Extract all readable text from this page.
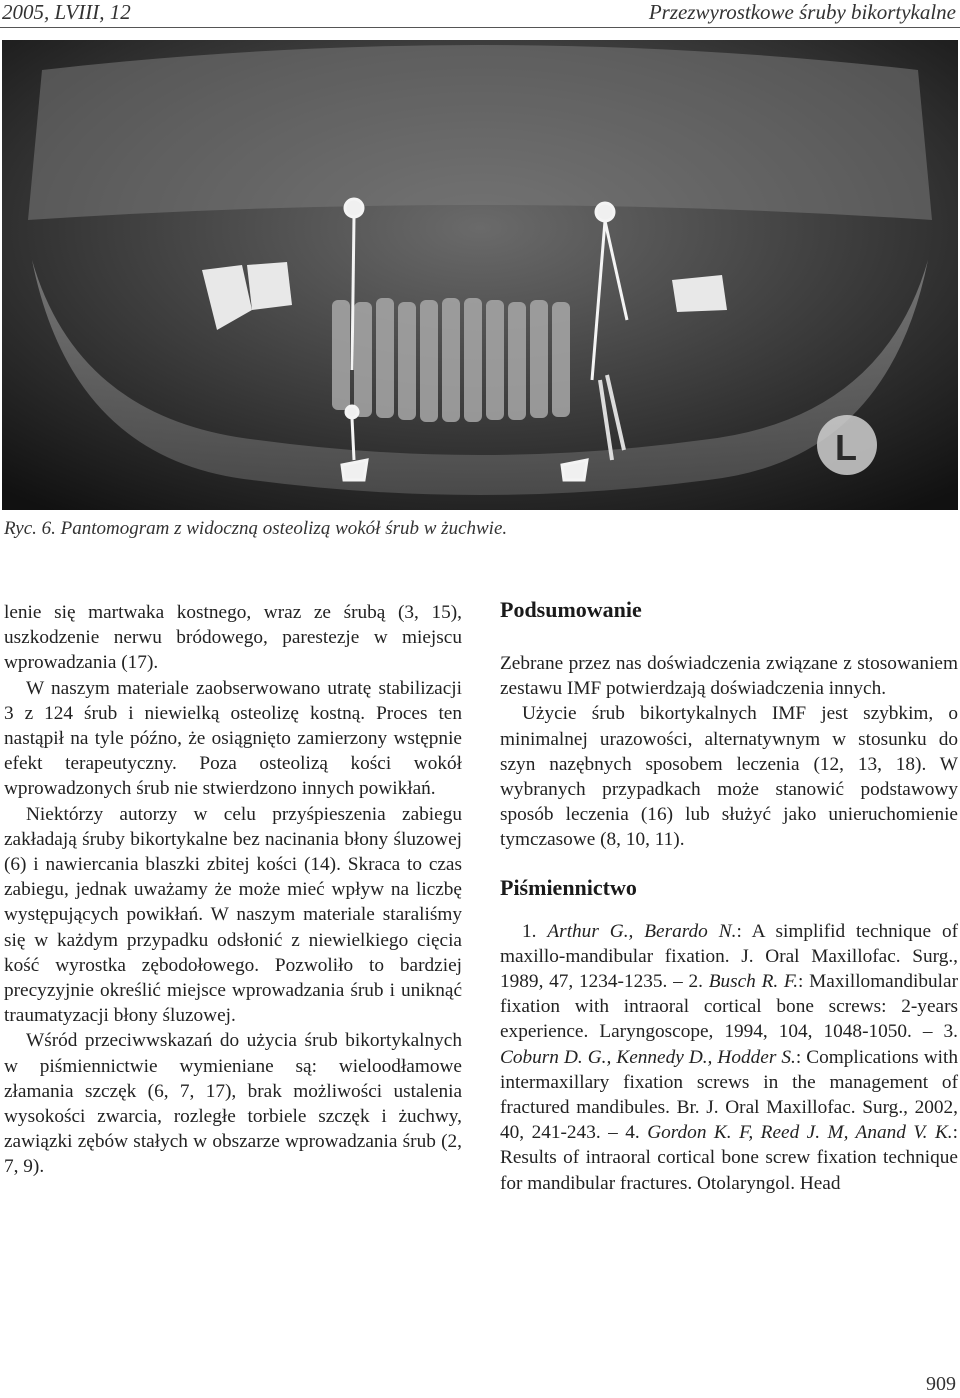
2005, LVIII, 12	Przezwyrostkowe śruby bikortykalne
L
Ryc. 6. Pantomogram z widoczną osteolizą wokół śrub w żuchwie.

lenie się martwaka kostnego, wraz ze śrubą (3, 15), uszkodzenie nerwu bródowego, parestezje w miejscu wprowadzania (17).

W naszym materiale zaobserwowano utratę stabilizacji 3 z 124 śrub i niewielką osteolizę kostną. Proces ten nastąpił na tyle późno, że osiągnięto zamierzony wstępnie efekt terapeutyczny. Poza osteolizą kości wokół wprowadzonych śrub nie stwierdzono innych powikłań.

Niektórzy autorzy w celu przyśpieszenia zabiegu zakładają śruby bikortykalne bez nacinania błony śluzowej (6) i nawiercania blaszki zbitej kości (14). Skraca to czas zabiegu, jednak uważamy że może mieć wpływ na liczbę występujących powikłań. W naszym materiale staraliśmy się w każdym przypadku odsłonić z niewielkiego cięcia kość wyrostka zębodołowego. Pozwoliło to bardziej precyzyjnie określić miejsce wprowadzania śrub i uniknąć traumatyzacji błony śluzowej.

Wśród przeciwwskazań do użycia śrub bikortykalnych w piśmiennictwie wymieniane są: wieloodłamowe złamania szczęk (6, 7, 17), brak możliwości ustalenia wysokości zwarcia, rozległe torbiele szczęk i żuchwy, zawiązki zębów stałych w obszarze wprowadzania śrub (2, 7, 9).

Podsumowanie

Zebrane przez nas doświadczenia związane z stosowaniem zestawu IMF potwierdzają doświadczenia innych.

Użycie śrub bikortykalnych IMF jest szybkim, o minimalnej urazowości, alternatywnym w stosunku do szyn nazębnych sposobem leczenia (12, 13, 18). W wybranych przypadkach może stanowić podstawowy sposób leczenia (16) lub służyć jako unieruchomienie tymczasowe (8, 10, 11).

Piśmiennictwo

1. Arthur G., Berardo N.: A simplifid technique of maxillo-mandibular fixation. J. Oral Maxillofac. Surg., 1989, 47, 1234-1235. – 2. Busch R. F.: Maxillomandibular fixation with intraoral cortical bone screws: 2-years experience. Laryngoscope, 1994, 104, 1048-1050. – 3. Coburn D. G., Kennedy D., Hodder S.: Complications with intermaxillary fixation screws in the management of fractured mandibules. Br. J. Oral Maxillofac. Surg., 2002, 40, 241-243. – 4. Gordon K. F, Reed J. M, Anand V. K.: Results of intraoral cortical bone screw fixation technique for mandibular fractures. Otolaryngol. Head

909
